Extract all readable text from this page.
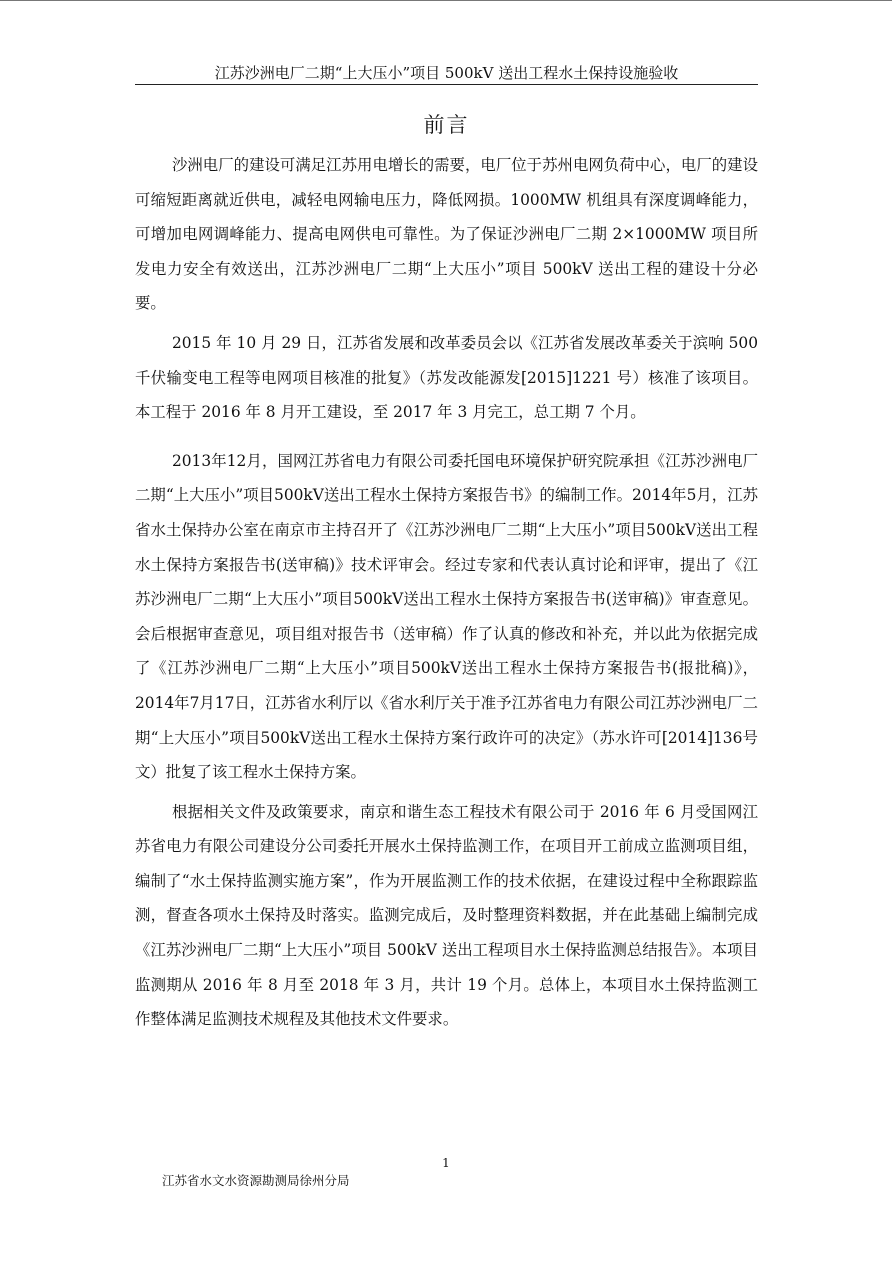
江苏沙洲电厂二期“上大压小”项目 500kV 送出工程水土保持设施验收
前言

沙洲电厂的建设可满足江苏用电增长的需要，电厂位于苏州电网负荷中心，电厂的建设可缩短距离就近供电，减轻电网输电压力，降低网损。1000MW 机组具有深度调峰能力，可增加电网调峰能力、提高电网供电可靠性。为了保证沙洲电厂二期 2×1000MW 项目所发电力安全有效送出，江苏沙洲电厂二期“上大压小”项目 500kV 送出工程的建设十分必要。

2015 年 10 月 29 日，江苏省发展和改革委员会以《江苏省发展改革委关于滨响 500 千伏输变电工程等电网项目核准的批复》（苏发改能源发[2015]1221 号）核准了该项目。本工程于 2016 年 8 月开工建设，至 2017 年 3 月完工，总工期 7 个月。

2013年12月，国网江苏省电力有限公司委托国电环境保护研究院承担《江苏沙洲电厂二期“上大压小”项目500kV送出工程水土保持方案报告书》的编制工作。2014年5月，江苏省水土保持办公室在南京市主持召开了《江苏沙洲电厂二期“上大压小”项目500kV送出工程水土保持方案报告书(送审稿)》技术评审会。经过专家和代表认真讨论和评审，提出了《江苏沙洲电厂二期“上大压小”项目500kV送出工程水土保持方案报告书(送审稿)》审查意见。会后根据审查意见，项目组对报告书（送审稿）作了认真的修改和补充，并以此为依据完成了《江苏沙洲电厂二期“上大压小”项目500kV送出工程水土保持方案报告书(报批稿)》，2014年7月17日，江苏省水利厅以《省水利厅关于准予江苏省电力有限公司江苏沙洲电厂二期“上大压小”项目500kV送出工程水土保持方案行政许可的决定》（苏水许可[2014]136号文）批复了该工程水土保持方案。

根据相关文件及政策要求，南京和谐生态工程技术有限公司于 2016 年 6 月受国网江苏省电力有限公司建设分公司委托开展水土保持监测工作，在项目开工前成立监测项目组，编制了“水土保持监测实施方案”，作为开展监测工作的技术依据，在建设过程中全称跟踪监测，督查各项水土保持及时落实。监测完成后，及时整理资料数据，并在此基础上编制完成《江苏沙洲电厂二期“上大压小”项目 500kV 送出工程项目水土保持监测总结报告》。本项目监测期从 2016 年 8 月至 2018 年 3 月，共计 19 个月。总体上，本项目水土保持监测工作整体满足监测技术规程及其他技术文件要求。

1
江苏省水文水资源勘测局徐州分局
